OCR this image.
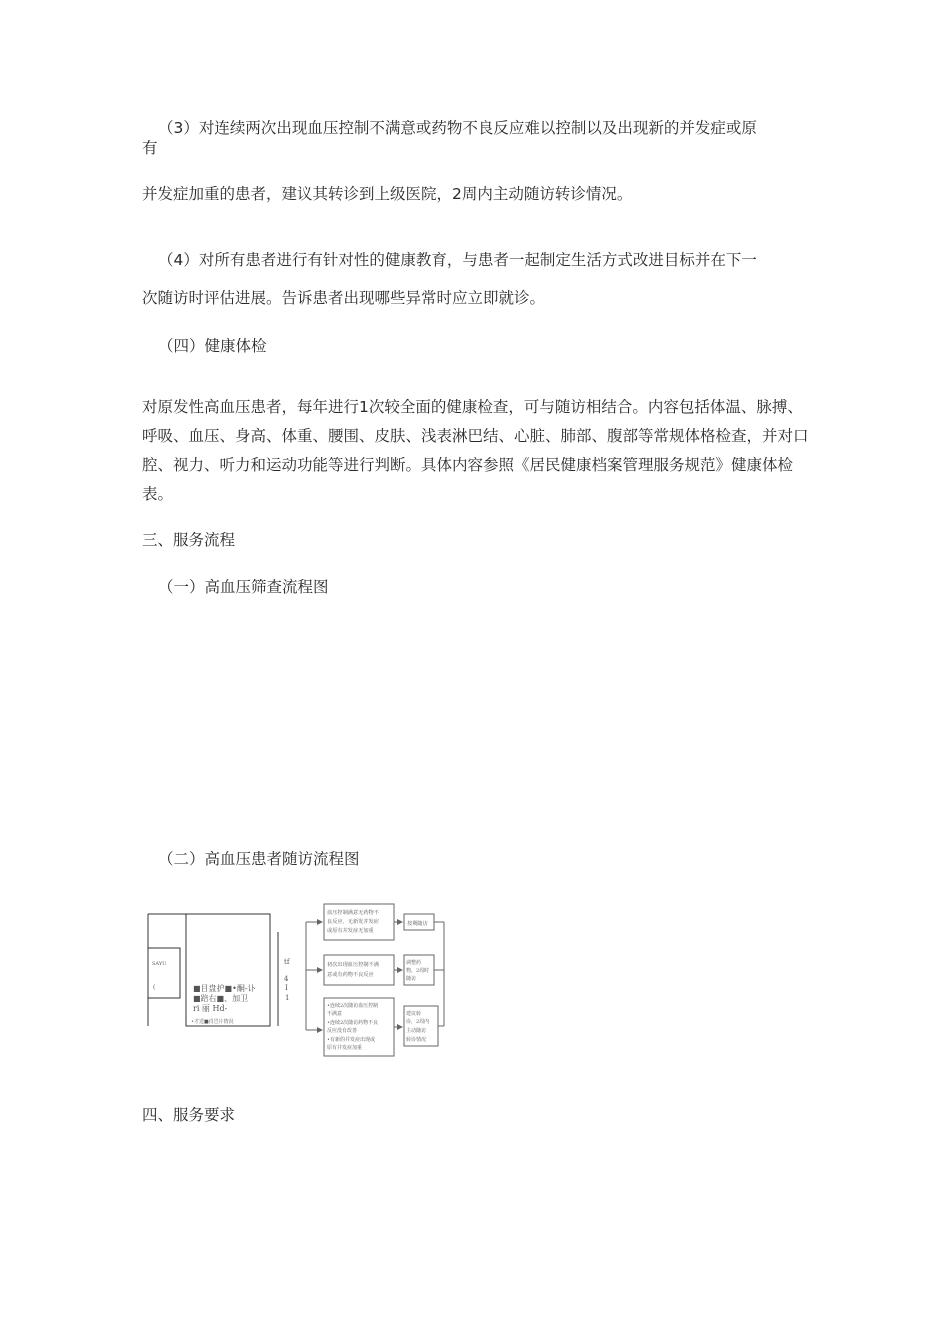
（3）对连续两次出现血压控制不满意或药物不良反应难以控制以及出现新的并发症或原

有

并发症加重的患者，建议其转诊到上级医院，2周内主动随访转诊情况。

（4）对所有患者进行有针对性的健康教育，与患者一起制定生活方式改进目标并在下一

次随访时评估进展。告诉患者出现哪些异常时应立即就诊。

（四）健康体检

对原发性高血压患者，每年进行1次较全面的健康检查，可与随访相结合。内容包括体温、脉搏、呼吸、血压、身高、体重、腰围、皮肤、浅表淋巴结、心脏、肺部、腹部等常规体格检查，并对口腔、视力、听力和运动功能等进行判断。具体内容参照《居民健康档案管理服务规范》健康体检表。

三、服务流程

（一）高血压筛查流程图

（二）高血压患者随访流程图

SAYU
(	■目盘护■•酮-讣
■踣右■、加卫
ri 丽 Hd-
•才送■肖岂片情況
tf
4
I
1
血压控制满意无药物不
良反应、无新发并发症
或原有并发症无加重
初次出现血压控制不满
意或有药物不良反应
•连续2次随访血压控制
不满意
•连续2次随访药物不良
反应没有改善
•有新的并发症出现或
原有并发症加重
按期随访
调整药
物，2周时
随访
建议转
诊，2周内
主动随访
转诊情况

四、服务要求
